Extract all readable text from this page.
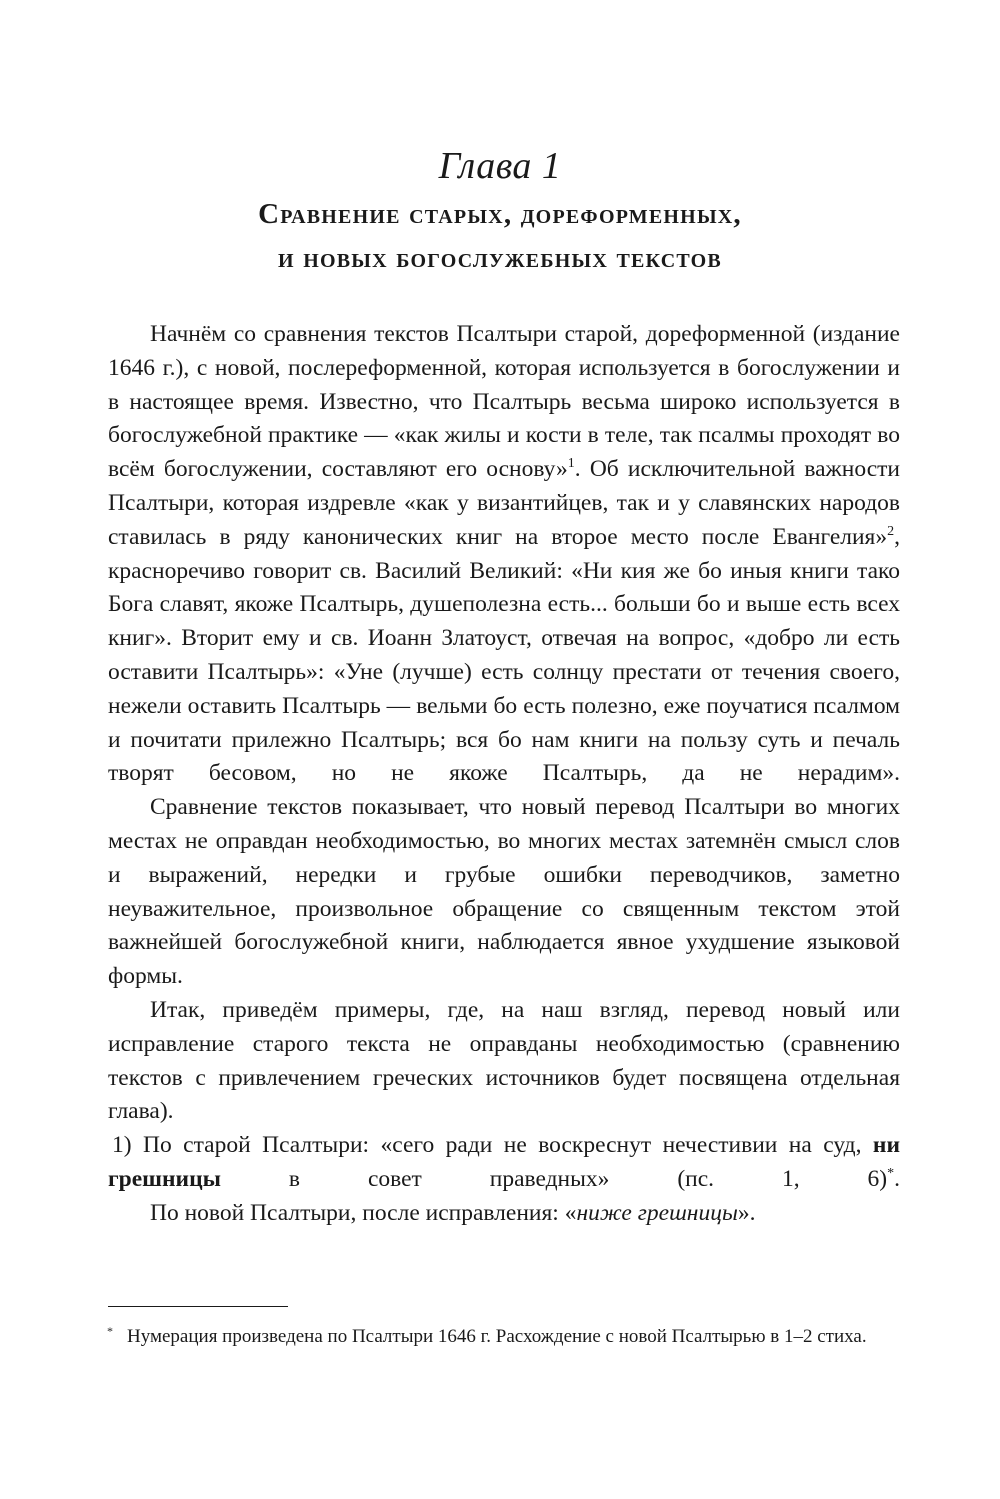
Глава 1
Сравнение старых, дореформенных,
и новых богослужебных текстов

Начнём со сравнения текстов Псалтыри старой, дореформенной (издание 1646 г.), с новой, послереформенной, которая используется в богослужении и в настоящее время. Известно, что Псалтырь весьма широко используется в богослужебной практике — «как жилы и кости в теле, так псалмы проходят во всём богослужении, составляют его основу»$^1$. Об исключительной важности Псалтыри, которая издревле «как у византийцев, так и у славянских народов ставилась в ряду канонических книг на второе место после Евангелия»$^2$, красноречиво говорит св. Василий Великий: «Ни кия же бо иныя книги тако Бога славят, якоже Псалтырь, душеполезна есть... больши бо и выше есть всех книг». Вторит ему и св. Иоанн Златоуст, отвечая на вопрос, «добро ли есть оставити Псалтырь»: «Уне (лучше) есть солнцу престати от течения своего, нежели оставить Псалтырь — вельми бо есть полезно, еже поучатися псалмом и почитати прилежно Псалтырь; вся бо нам книги на пользу суть и печаль творят бесовом, но не якоже Псалтырь, да не нерадим».

Сравнение текстов показывает, что новый перевод Псалтыри во многих местах не оправдан необходимостью, во многих местах затемнён смысл слов и выражений, нередки и грубые ошибки переводчиков, заметно неуважительное, произвольное обращение со священным текстом этой важнейшей богослужебной книги, наблюдается явное ухудшение языковой формы.

Итак, приведём примеры, где, на наш взгляд, перевод новый или исправление старого текста не оправданы необходимостью (сравнению текстов с привлечением греческих источников будет посвящена отдельная глава).

1) По старой Псалтыри: «сего ради не воскреснут нечестивии на суд, ни грешницы в совет праведных» (пс. 1, 6)*.

По новой Псалтыри, после исправления: «ниже грешницы».

* Нумерация произведена по Псалтыри 1646 г. Расхождение с новой Псалтырью в 1–2 стиха.
